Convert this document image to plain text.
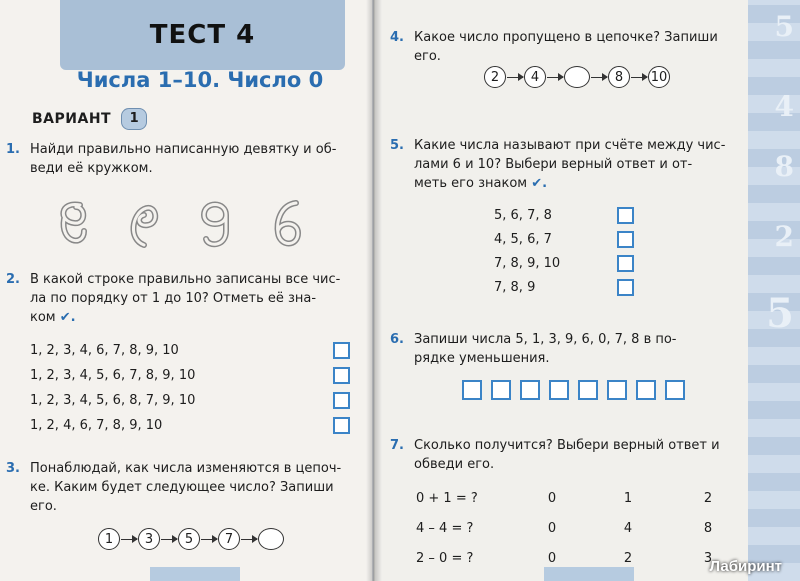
ТЕСТ 4
Числа 1–10. Число 0
ВАРИАНТ	1
1. Найди правильно написанную девятку и об-
веди её кружком.
2. В какой строке правильно записаны все чис-
ла по порядку от 1 до 10? Отметь её зна-
ком ✔.
1, 2, 3, 4, 6, 7, 8, 9, 10
1, 2, 3, 4, 5, 6, 7, 8, 9, 10
1, 2, 3, 4, 5, 6, 8, 7, 9, 10
1, 2, 4, 6, 7, 8, 9, 10
3. Понаблюдай, как числа изменяются в цепоч-
ке. Каким будет следующее число? Запиши
его.
1	3	5	7
4. Какое число пропущено в цепочке? Запиши
его.
2	4	8	10
5. Какие числа называют при счёте между чис-
лами 6 и 10? Выбери верный ответ и от-
меть его знаком ✔.
5, 6, 7, 8
4, 5, 6, 7
7, 8, 9, 10
7, 8, 9
6. Запиши числа 5, 1, 3, 9, 6, 0, 7, 8 в по-
рядке уменьшения.
7. Сколько получится? Выбери верный ответ и
обведи его.
0 + 1 = ?	0	1	2
4 – 4 = ?	0	4	8
2 – 0 = ?	0	2	3
5
4
8
2
5
Лабиринт
